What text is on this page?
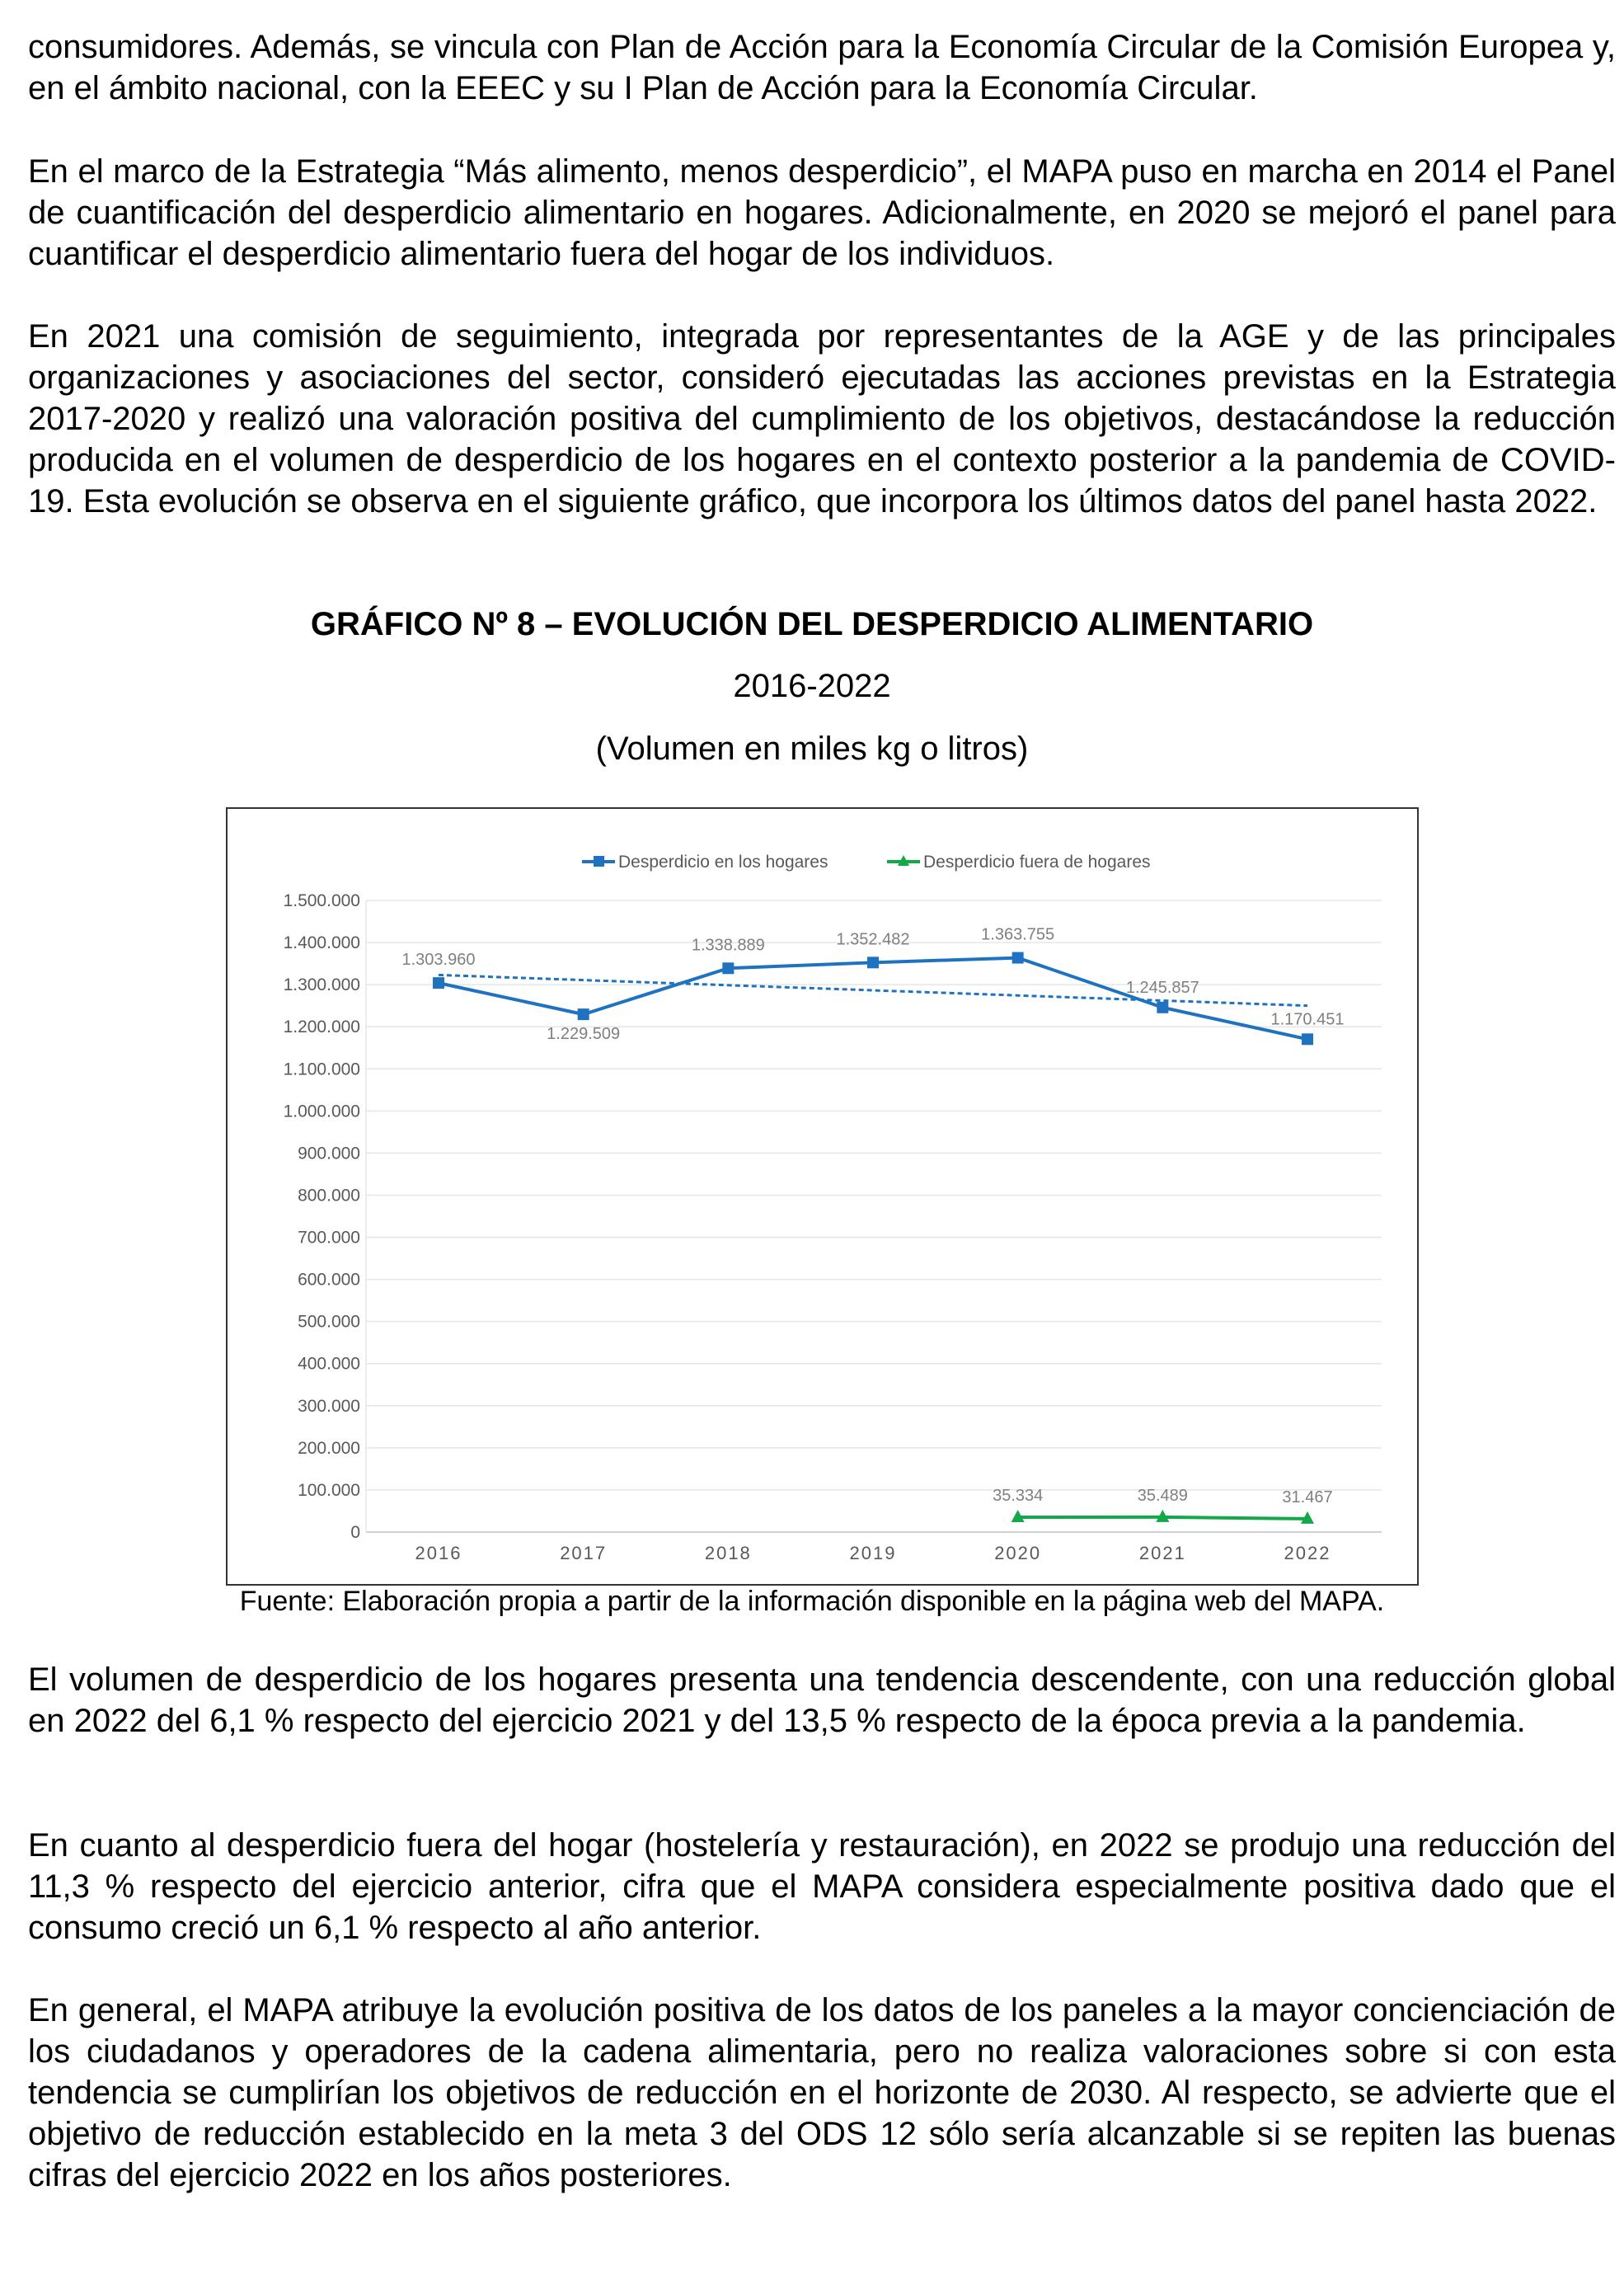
consumidores. Además, se vincula con Plan de Acción para la Economía Circular de la Comisión Europea y, en el ámbito nacional, con la EEEC y su I Plan de Acción para la Economía Circular.

En el marco de la Estrategia “Más alimento, menos desperdicio”, el MAPA puso en marcha en 2014 el Panel de cuantificación del desperdicio alimentario en hogares. Adicionalmente, en 2020 se mejoró el panel para cuantificar el desperdicio alimentario fuera del hogar de los individuos.

En 2021 una comisión de seguimiento, integrada por representantes de la AGE y de las principales organizaciones y asociaciones del sector, consideró ejecutadas las acciones previstas en la Estrategia 2017-2020 y realizó una valoración positiva del cumplimiento de los objetivos, destacándose la reducción producida en el volumen de desperdicio de los hogares en el contexto posterior a la pandemia de COVID-19. Esta evolución se observa en el siguiente gráfico, que incorpora los últimos datos del panel hasta 2022.

GRÁFICO Nº 8 – EVOLUCIÓN DEL DESPERDICIO ALIMENTARIO
2016-2022
(Volumen en miles kg o litros)
0
100.000
200.000
300.000
400.000
500.000
600.000
700.000
800.000
900.000
1.000.000
1.100.000
1.200.000
1.300.000
1.400.000
1.500.000
2016	2017	2018	2019	2020	2021	2022
1.303.960
1.229.509
1.338.889	1.352.482	1.363.755
1.245.857
1.170.451
35.334	35.489	31.467
Desperdicio en los hogares	Desperdicio fuera de hogares
Fuente: Elaboración propia a partir de la información disponible en la página web del MAPA.

El volumen de desperdicio de los hogares presenta una tendencia descendente, con una reducción global en 2022 del 6,1 % respecto del ejercicio 2021 y del 13,5 % respecto de la época previa a la pandemia.

En cuanto al desperdicio fuera del hogar (hostelería y restauración), en 2022 se produjo una reducción del 11,3 % respecto del ejercicio anterior, cifra que el MAPA considera especialmente positiva dado que el consumo creció un 6,1 % respecto al año anterior.

En general, el MAPA atribuye la evolución positiva de los datos de los paneles a la mayor concienciación de los ciudadanos y operadores de la cadena alimentaria, pero no realiza valoraciones sobre si con esta tendencia se cumplirían los objetivos de reducción en el horizonte de 2030. Al respecto, se advierte que el objetivo de reducción establecido en la meta 3 del ODS 12 sólo sería alcanzable si se repiten las buenas cifras del ejercicio 2022 en los años posteriores.
